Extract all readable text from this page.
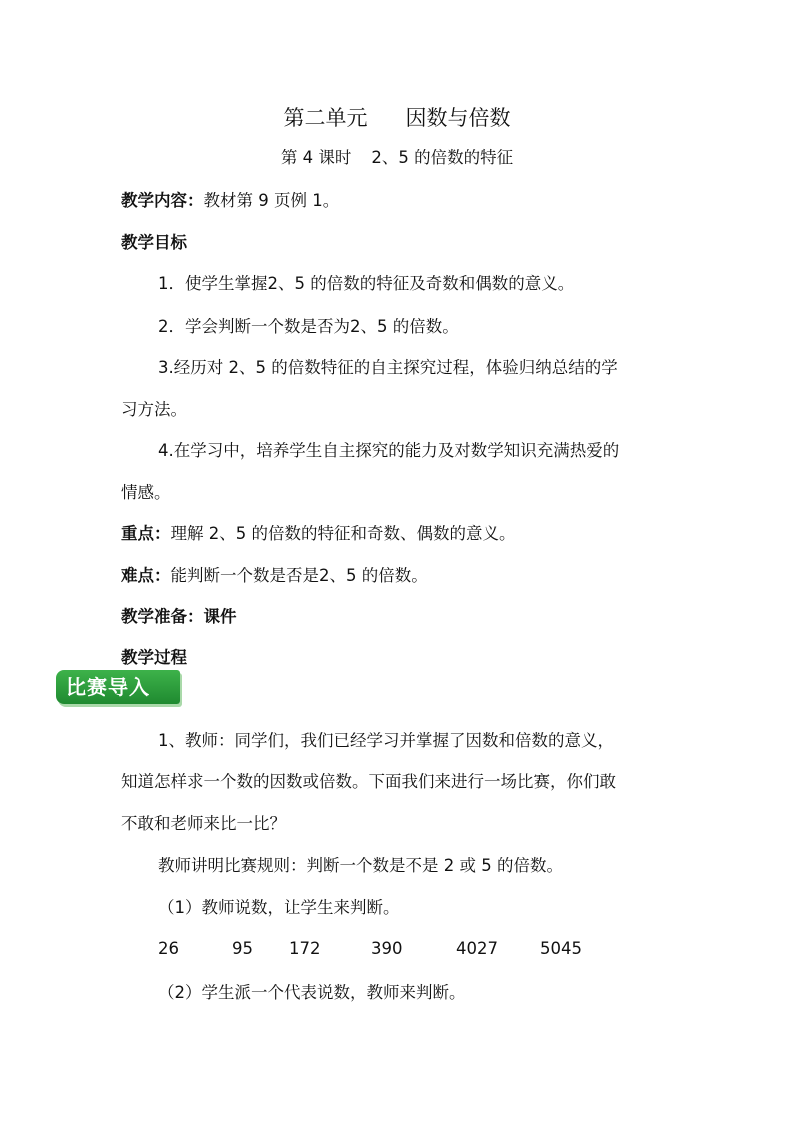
第二单元 因数与倍数
第 4 课时 2、5 的倍数的特征
教学内容：教材第 9 页例 1。
教学目标
1．使学生掌握2、5 的倍数的特征及奇数和偶数的意义。
2．学会判断一个数是否为2、5 的倍数。
3.经历对 2、5 的倍数特征的自主探究过程，体验归纳总结的学
习方法。
4.在学习中，培养学生自主探究的能力及对数学知识充满热爱的
情感。
重点：理解 2、5 的倍数的特征和奇数、偶数的意义。
难点：能判断一个数是否是2、5 的倍数。
教学准备：课件
教学过程
比赛导入
1、教师：同学们，我们已经学习并掌握了因数和倍数的意义，
知道怎样求一个数的因数或倍数。下面我们来进行一场比赛，你们敢
不敢和老师来比一比？
教师讲明比赛规则：判断一个数是不是 2 或 5 的倍数。
（1）教师说数，让学生来判断。
26	95 172	390	4027	5045
（2）学生派一个代表说数，教师来判断。
